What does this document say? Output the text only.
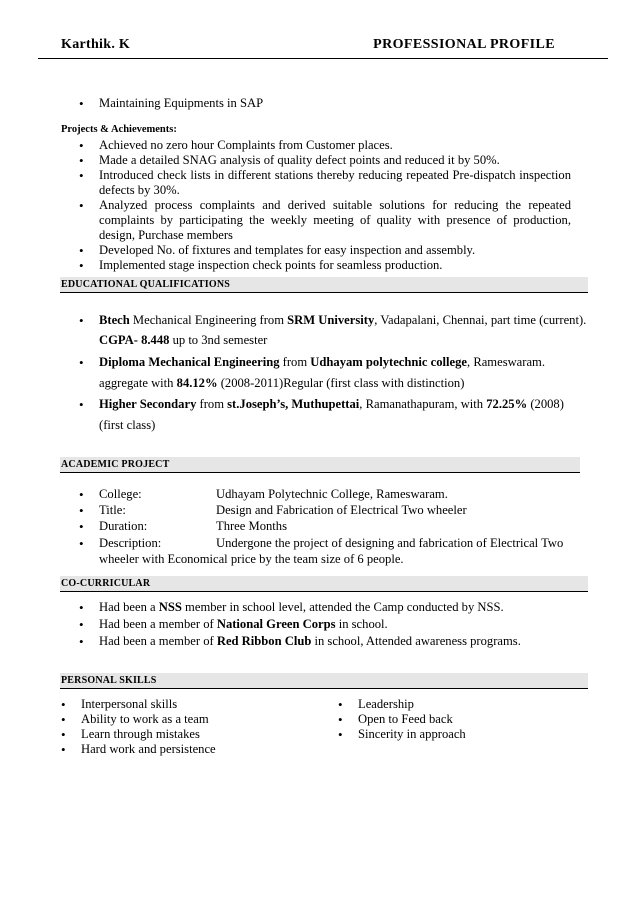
Karthik. K	PROFESSIONAL PROFILE
• Maintaining Equipments in SAP
Projects & Achievements:
• Achieved no zero hour Complaints from Customer places.
• Made a detailed SNAG analysis of quality defect points and reduced it by 50%.
• Introduced check lists in different stations thereby reducing repeated Pre-dispatch inspection defects by 30%.
• Analyzed process complaints and derived suitable solutions for reducing the repeated complaints by participating the weekly meeting of quality with presence of production, design, Purchase members
• Developed No. of fixtures and templates for easy inspection and assembly.
• Implemented stage inspection check points for seamless production.
EDUCATIONAL QUALIFICATIONS
• Btech Mechanical Engineering from SRM University, Vadapalani, Chennai, part time (current).
CGPA- 8.448 up to 3nd semester
• Diploma Mechanical Engineering from Udhayam polytechnic college, Rameswaram.
aggregate with 84.12% (2008-2011)Regular (first class with distinction)
• Higher Secondary from st.Joseph’s, Muthupettai, Ramanathapuram, with 72.25% (2008)
(first class)
ACADEMIC PROJECT
• College:	Udhayam Polytechnic College, Rameswaram.
• Title:	Design and Fabrication of Electrical Two wheeler
• Duration:	Three Months
• Description:	Undergone the project of designing and fabrication of Electrical Two
wheeler with Economical price by the team size of 6 people.
CO-CURRICULAR
• Had been a NSS member in school level, attended the Camp conducted by NSS.
• Had been a member of National Green Corps in school.
• Had been a member of Red Ribbon Club in school, Attended awareness programs.
PERSONAL SKILLS
• Interpersonal skills
• Ability to work as a team
• Learn through mistakes
• Hard work and persistence
• Leadership
• Open to Feed back
• Sincerity in approach
